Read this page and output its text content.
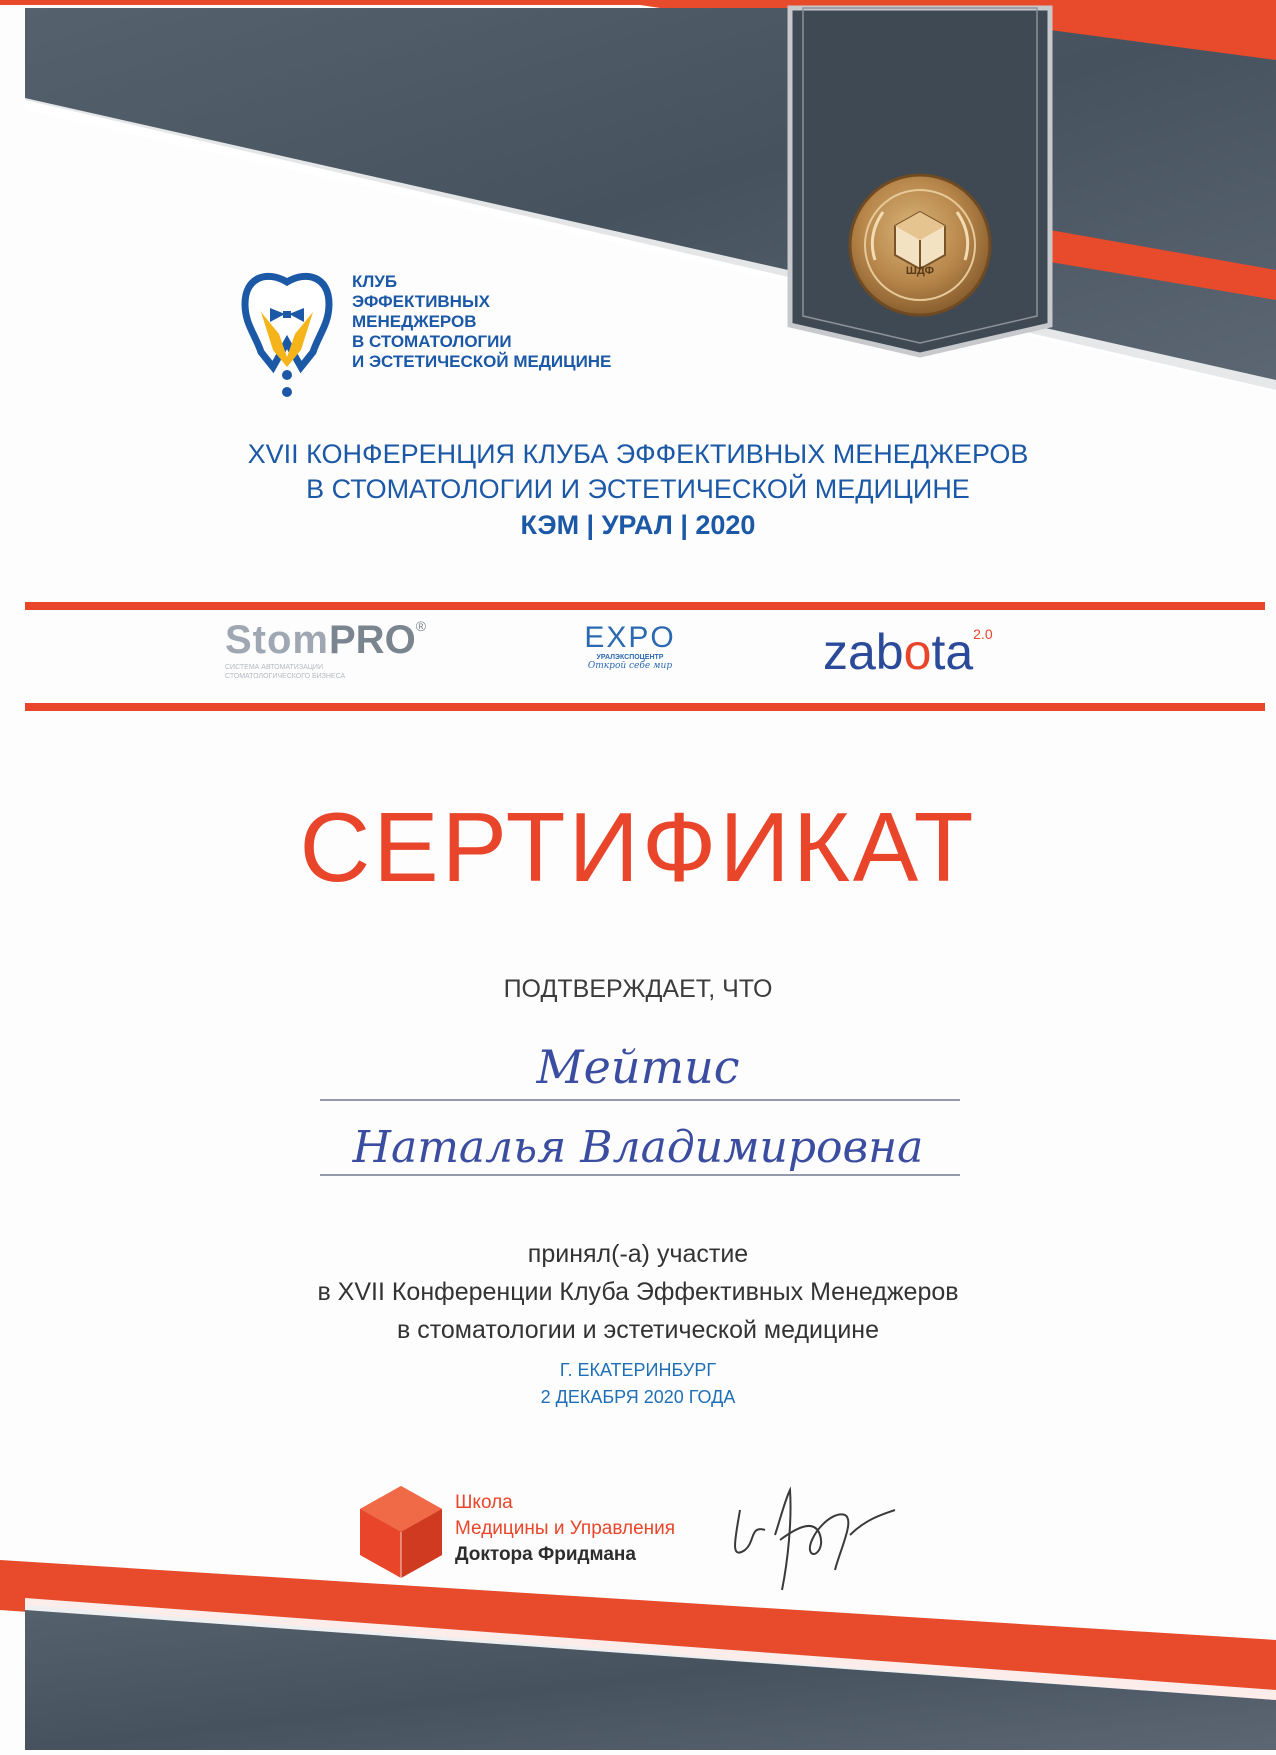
КЛУБ
ЭФФЕКТИВНЫХ
МЕНЕДЖЕРОВ
В СТОМАТОЛОГИИ
И ЭСТЕТИЧЕСКОЙ МЕДИЦИНЕ
ШДФ
XVII КОНФЕРЕНЦИЯ КЛУБА ЭФФЕКТИВНЫХ МЕНЕДЖЕРОВ
В СТОМАТОЛОГИИ И ЭСТЕТИЧЕСКОЙ МЕДИЦИНЕ
КЭМ | УРАЛ | 2020
StomPRO®
СИСТЕМА АВТОМАТИЗАЦИИ СТОМАТОЛОГИЧЕСКОГО БИЗНЕСА
EXPO
УРАЛЭКСПОЦЕНТР
Открой себе мир	zabota$^{2.0}$
СЕРТИФИКАТ
ПОДТВЕРЖДАЕТ, ЧТО
Мейтис
Наталья Владимировна
принял(-а) участие
в XVII Конференции Клуба Эффективных Менеджеров
в стоматологии и эстетической медицине
Г. ЕКАТЕРИНБУРГ
2 ДЕКАБРЯ 2020 ГОДА
Школа
Медицины и Управления
Доктора Фридмана
